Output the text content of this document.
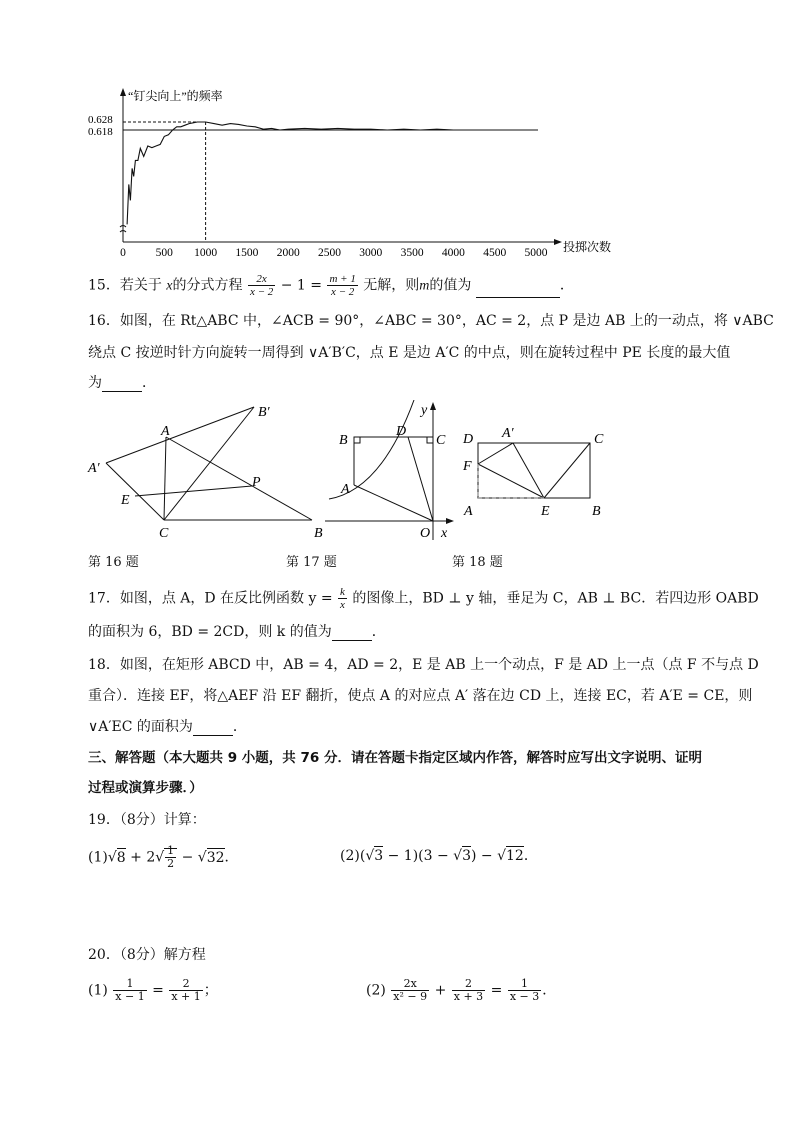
“钉尖向上”的频率
0.628
0.618
0	500 1000 1500 2000 2500 3000 3500 4000 4500 5000 投掷次数
15．若关于 x的分式方程 $\frac{2x}{x - 2} - 1 = \frac{m + 1}{x - 2}$ 无解，则m的值为	．
16．如图，在 Rt△ABC 中，∠ACB = 90°，∠ABC = 30°，AC = 2，点 P 是边 AB 上的一动点，将 ∨ABC
绕点 C 按逆时针方向旋转一周得到 ∨A′B′C，点 E 是边 A′C 的中点，则在旋转过程中 PE 长度的最大值
为	．
A
B
C
P
E
A′
B′
A
B	C
D
O x
y
A	B
C
D
E
F
A′
第 16 题	第 17 题	第 18 题
17．如图，点 A，D 在反比例函数 $y = \frac{k}{x}$ 的图像上，BD ⊥ y 轴，垂足为 C，AB ⊥ BC．若四边形 OABD
的面积为 6，BD = 2CD，则 k 的值为	．
18．如图，在矩形 ABCD 中，AB = 4，AD = 2，E 是 AB 上一个动点，F 是 AD 上一点（点 F 不与点 D
重合）．连接 EF，将△AEF 沿 EF 翻折，使点 A 的对应点 A′ 落在边 CD 上，连接 EC，若 A′E = CE，则
∨A′EC 的面积为	．
三、解答题（本大题共 9 小题，共 76 分．请在答题卡指定区域内作答，解答时应写出文字说明、证明
过程或演算步骤．）
19．（8分）计算：
$(1)√8 + 2√ \frac{1}{2} - √32$．	(2)(√3 − 1)(3 − √3) − √12．
20．（8分）解方程
$(1) \frac{1}{x - 1} = \frac{2}{x + 1}$ ；	$(2) \frac{2x}{\text{x² − 9}} + \frac{2}{x + 3} = \frac{1}{x - 3}$ ．
